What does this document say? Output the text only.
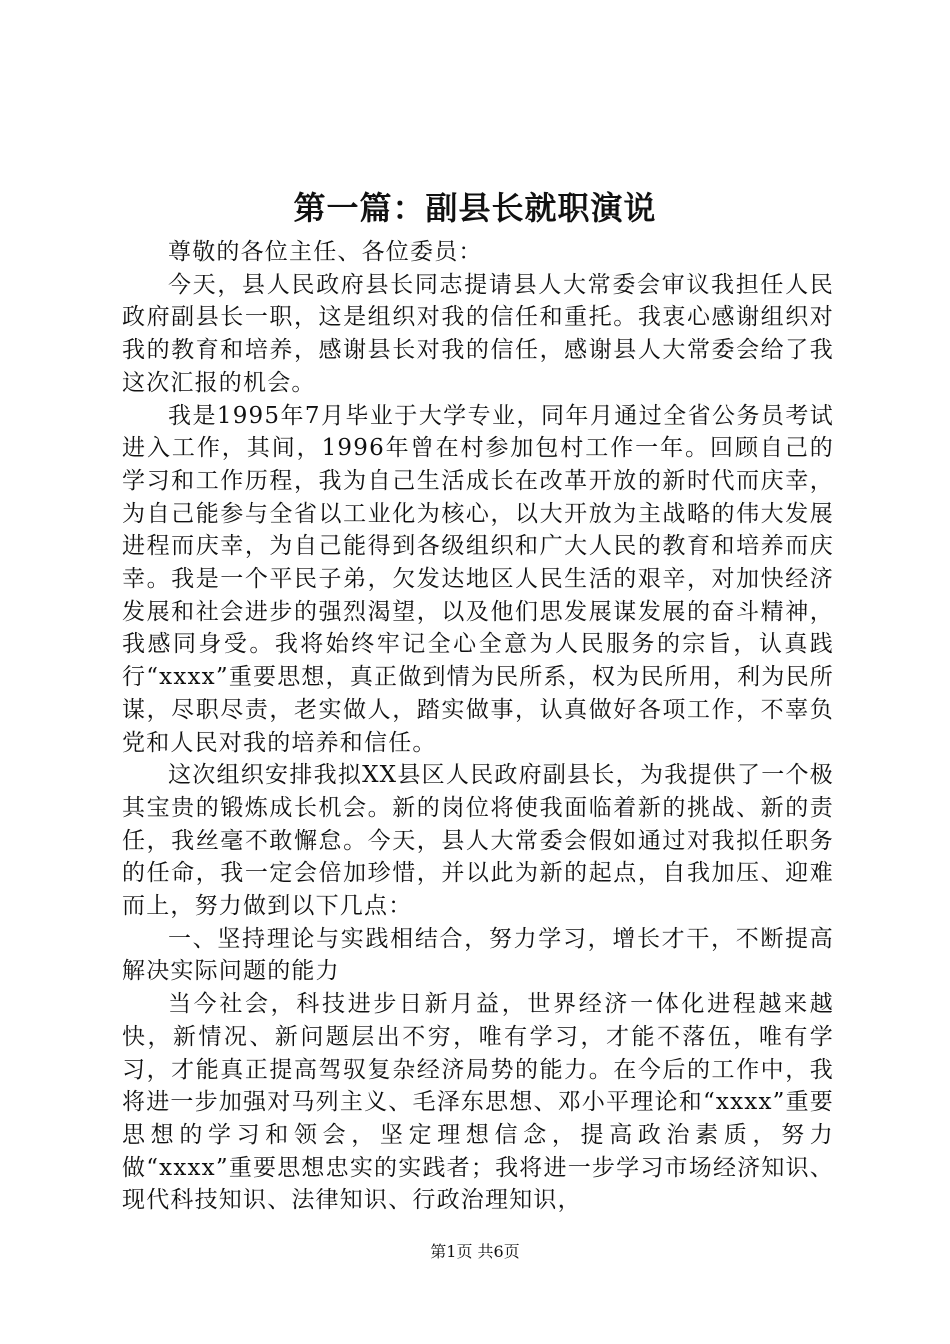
第一篇：副县长就职演说

尊敬的各位主任、各位委员：

今天，县人民政府县长同志提请县人大常委会审议我担任人民政府副县长一职，这是组织对我的信任和重托。我衷心感谢组织对我的教育和培养，感谢县长对我的信任，感谢县人大常委会给了我这次汇报的机会。

我是1995年7月毕业于大学专业，同年月通过全省公务员考试进入工作，其间，1996年曾在村参加包村工作一年。回顾自己的学习和工作历程，我为自己生活成长在改革开放的新时代而庆幸，为自己能参与全省以工业化为核心，以大开放为主战略的伟大发展进程而庆幸，为自己能得到各级组织和广大人民的教育和培养而庆幸。我是一个平民子弟，欠发达地区人民生活的艰辛，对加快经济发展和社会进步的强烈渴望，以及他们思发展谋发展的奋斗精神，我感同身受。我将始终牢记全心全意为人民服务的宗旨，认真践行“xxxx”重要思想，真正做到情为民所系，权为民所用，利为民所谋，尽职尽责，老实做人，踏实做事，认真做好各项工作，不辜负党和人民对我的培养和信任。

这次组织安排我拟XX县区人民政府副县长，为我提供了一个极其宝贵的锻炼成长机会。新的岗位将使我面临着新的挑战、新的责任，我丝毫不敢懈怠。今天，县人大常委会假如通过对我拟任职务的任命，我一定会倍加珍惜，并以此为新的起点，自我加压、迎难而上，努力做到以下几点：

一、坚持理论与实践相结合，努力学习，增长才干，不断提高解决实际问题的能力

当今社会，科技进步日新月益，世界经济一体化进程越来越快，新情况、新问题层出不穷，唯有学习，才能不落伍，唯有学习，才能真正提高驾驭复杂经济局势的能力。在今后的工作中，我将进一步加强对马列主义、毛泽东思想、邓小平理论和“xxxx”重要思想的学习和领会，坚定理想信念，提高政治素质，努力做“xxxx”重要思想忠实的实践者；我将进一步学习市场经济知识、现代科技知识、法律知识、行政治理知识，

第1页 共6页
